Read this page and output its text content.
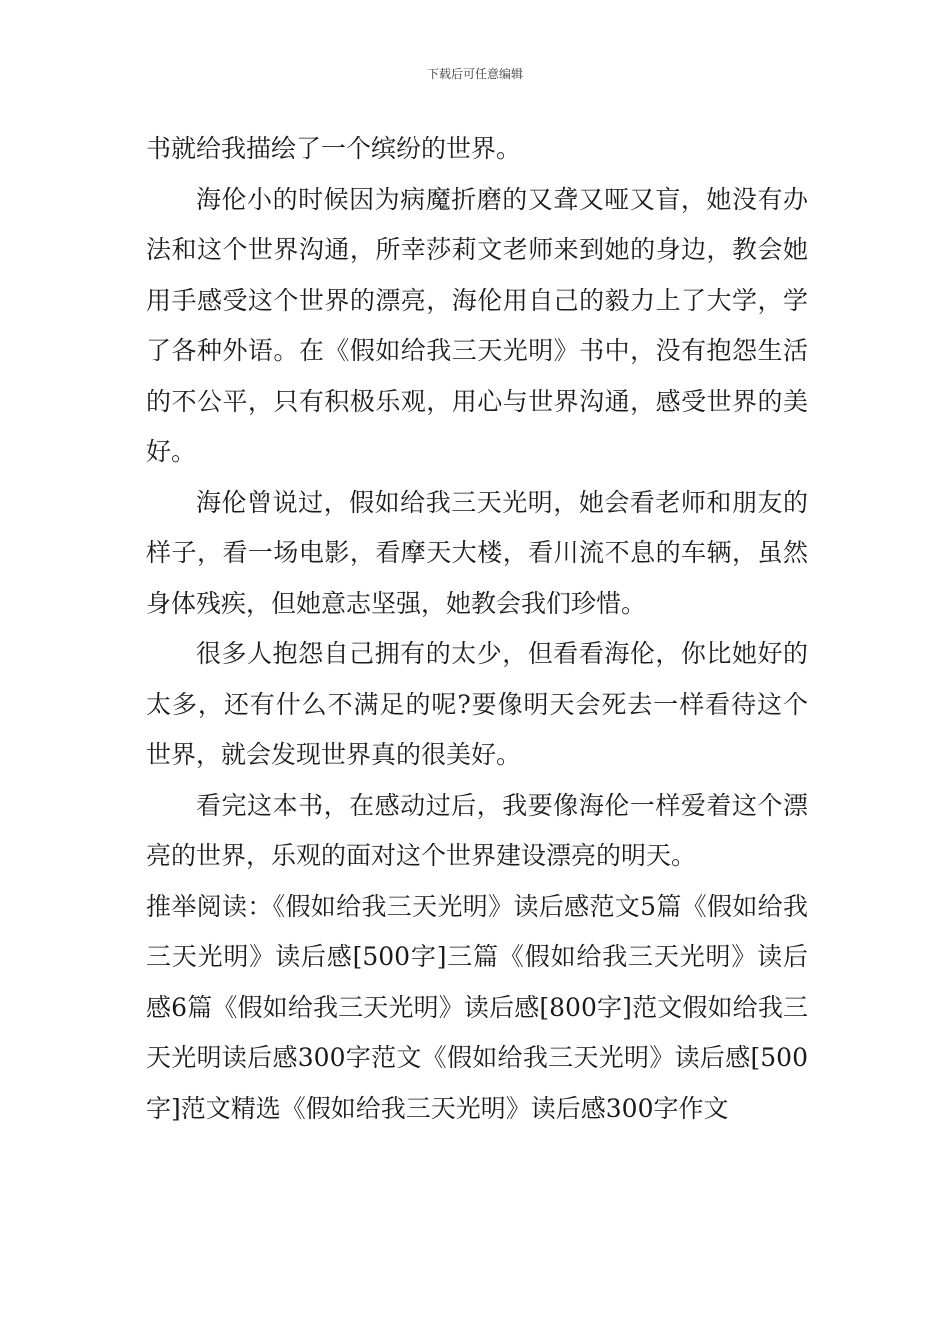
下载后可任意编辑

书就给我描绘了一个缤纷的世界。

海伦小的时候因为病魔折磨的又聋又哑又盲，她没有办法和这个世界沟通，所幸莎莉文老师来到她的身边，教会她用手感受这个世界的漂亮，海伦用自己的毅力上了大学，学了各种外语。在《假如给我三天光明》书中，没有抱怨生活的不公平，只有积极乐观，用心与世界沟通，感受世界的美好。

海伦曾说过，假如给我三天光明，她会看老师和朋友的样子，看一场电影，看摩天大楼，看川流不息的车辆，虽然身体残疾，但她意志坚强，她教会我们珍惜。

很多人抱怨自己拥有的太少，但看看海伦，你比她好的太多，还有什么不满足的呢?要像明天会死去一样看待这个世界，就会发现世界真的很美好。

看完这本书，在感动过后，我要像海伦一样爱着这个漂亮的世界，乐观的面对这个世界建设漂亮的明天。

推举阅读：《假如给我三天光明》读后感范文5篇《假如给我三天光明》读后感[500字]三篇《假如给我三天光明》读后感6篇《假如给我三天光明》读后感[800字]范文假如给我三天光明读后感300字范文《假如给我三天光明》读后感[500字]范文精选《假如给我三天光明》读后感300字作文
